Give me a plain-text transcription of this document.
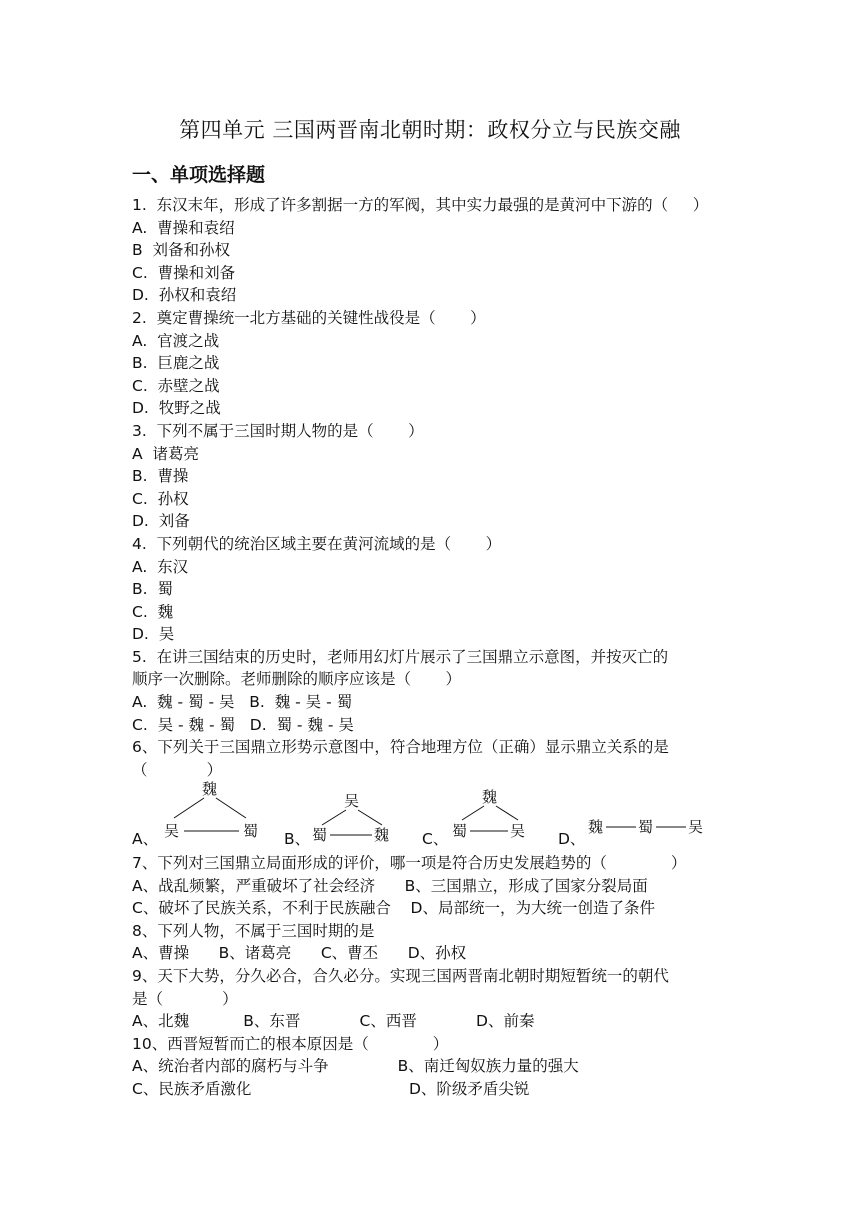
第四单元 三国两晋南北朝时期：政权分立与民族交融
一、单项选择题
1.  东汉末年，形成了许多割据一方的军阀，其中实力最强的是黄河中下游的（     ）
A.  曹操和袁绍
B  刘备和孙权
C.  曹操和刘备
D.  孙权和袁绍
2.  奠定曹操统一北方基础的关键性战役是（       ）
A.  官渡之战
B.  巨鹿之战
C.  赤壁之战
D.  牧野之战
3.  下列不属于三国时期人物的是（       ）
A  诸葛亮
B.  曹操
C.  孙权
D.  刘备
4.  下列朝代的统治区域主要在黄河流域的是（       ）
A.  东汉
B.  蜀
C.  魏
D.  吴
5.  在讲三国结束的历史时，老师用幻灯片展示了三国鼎立示意图，并按灭亡的
顺序一次删除。老师删除的顺序应该是（       ）
A.  魏 - 蜀 - 吴   B.  魏 - 吴 - 蜀
C.  吴 - 魏 - 蜀   D.  蜀 - 魏 - 吴
6、下列关于三国鼎立形势示意图中，符合地理方位（正确）显示鼎立关系的是
（            ）
A、
魏
吴	蜀 B、
吴
蜀	魏 C、
魏
蜀	吴 D、
魏 蜀 吴
7、下列对三国鼎立局面形成的评价，哪一项是符合历史发展趋势的（             ）
A、战乱频繁，严重破坏了社会经济      B、三国鼎立，形成了国家分裂局面
C、破坏了民族关系，不利于民族融合    D、局部统一，为大统一创造了条件
8、下列人物，不属于三国时期的是
A、曹操      B、诸葛亮      C、曹丕      D、孙权
9、天下大势，分久必合，合久必分。实现三国两晋南北朝时期短暂统一的朝代
是（            ）
A、北魏           B、东晋            C、西晋            D、前秦
10、西晋短暂而亡的根本原因是（             ）
A、统治者内部的腐朽与斗争              B、南迁匈奴族力量的强大
C、民族矛盾激化                                D、阶级矛盾尖锐
